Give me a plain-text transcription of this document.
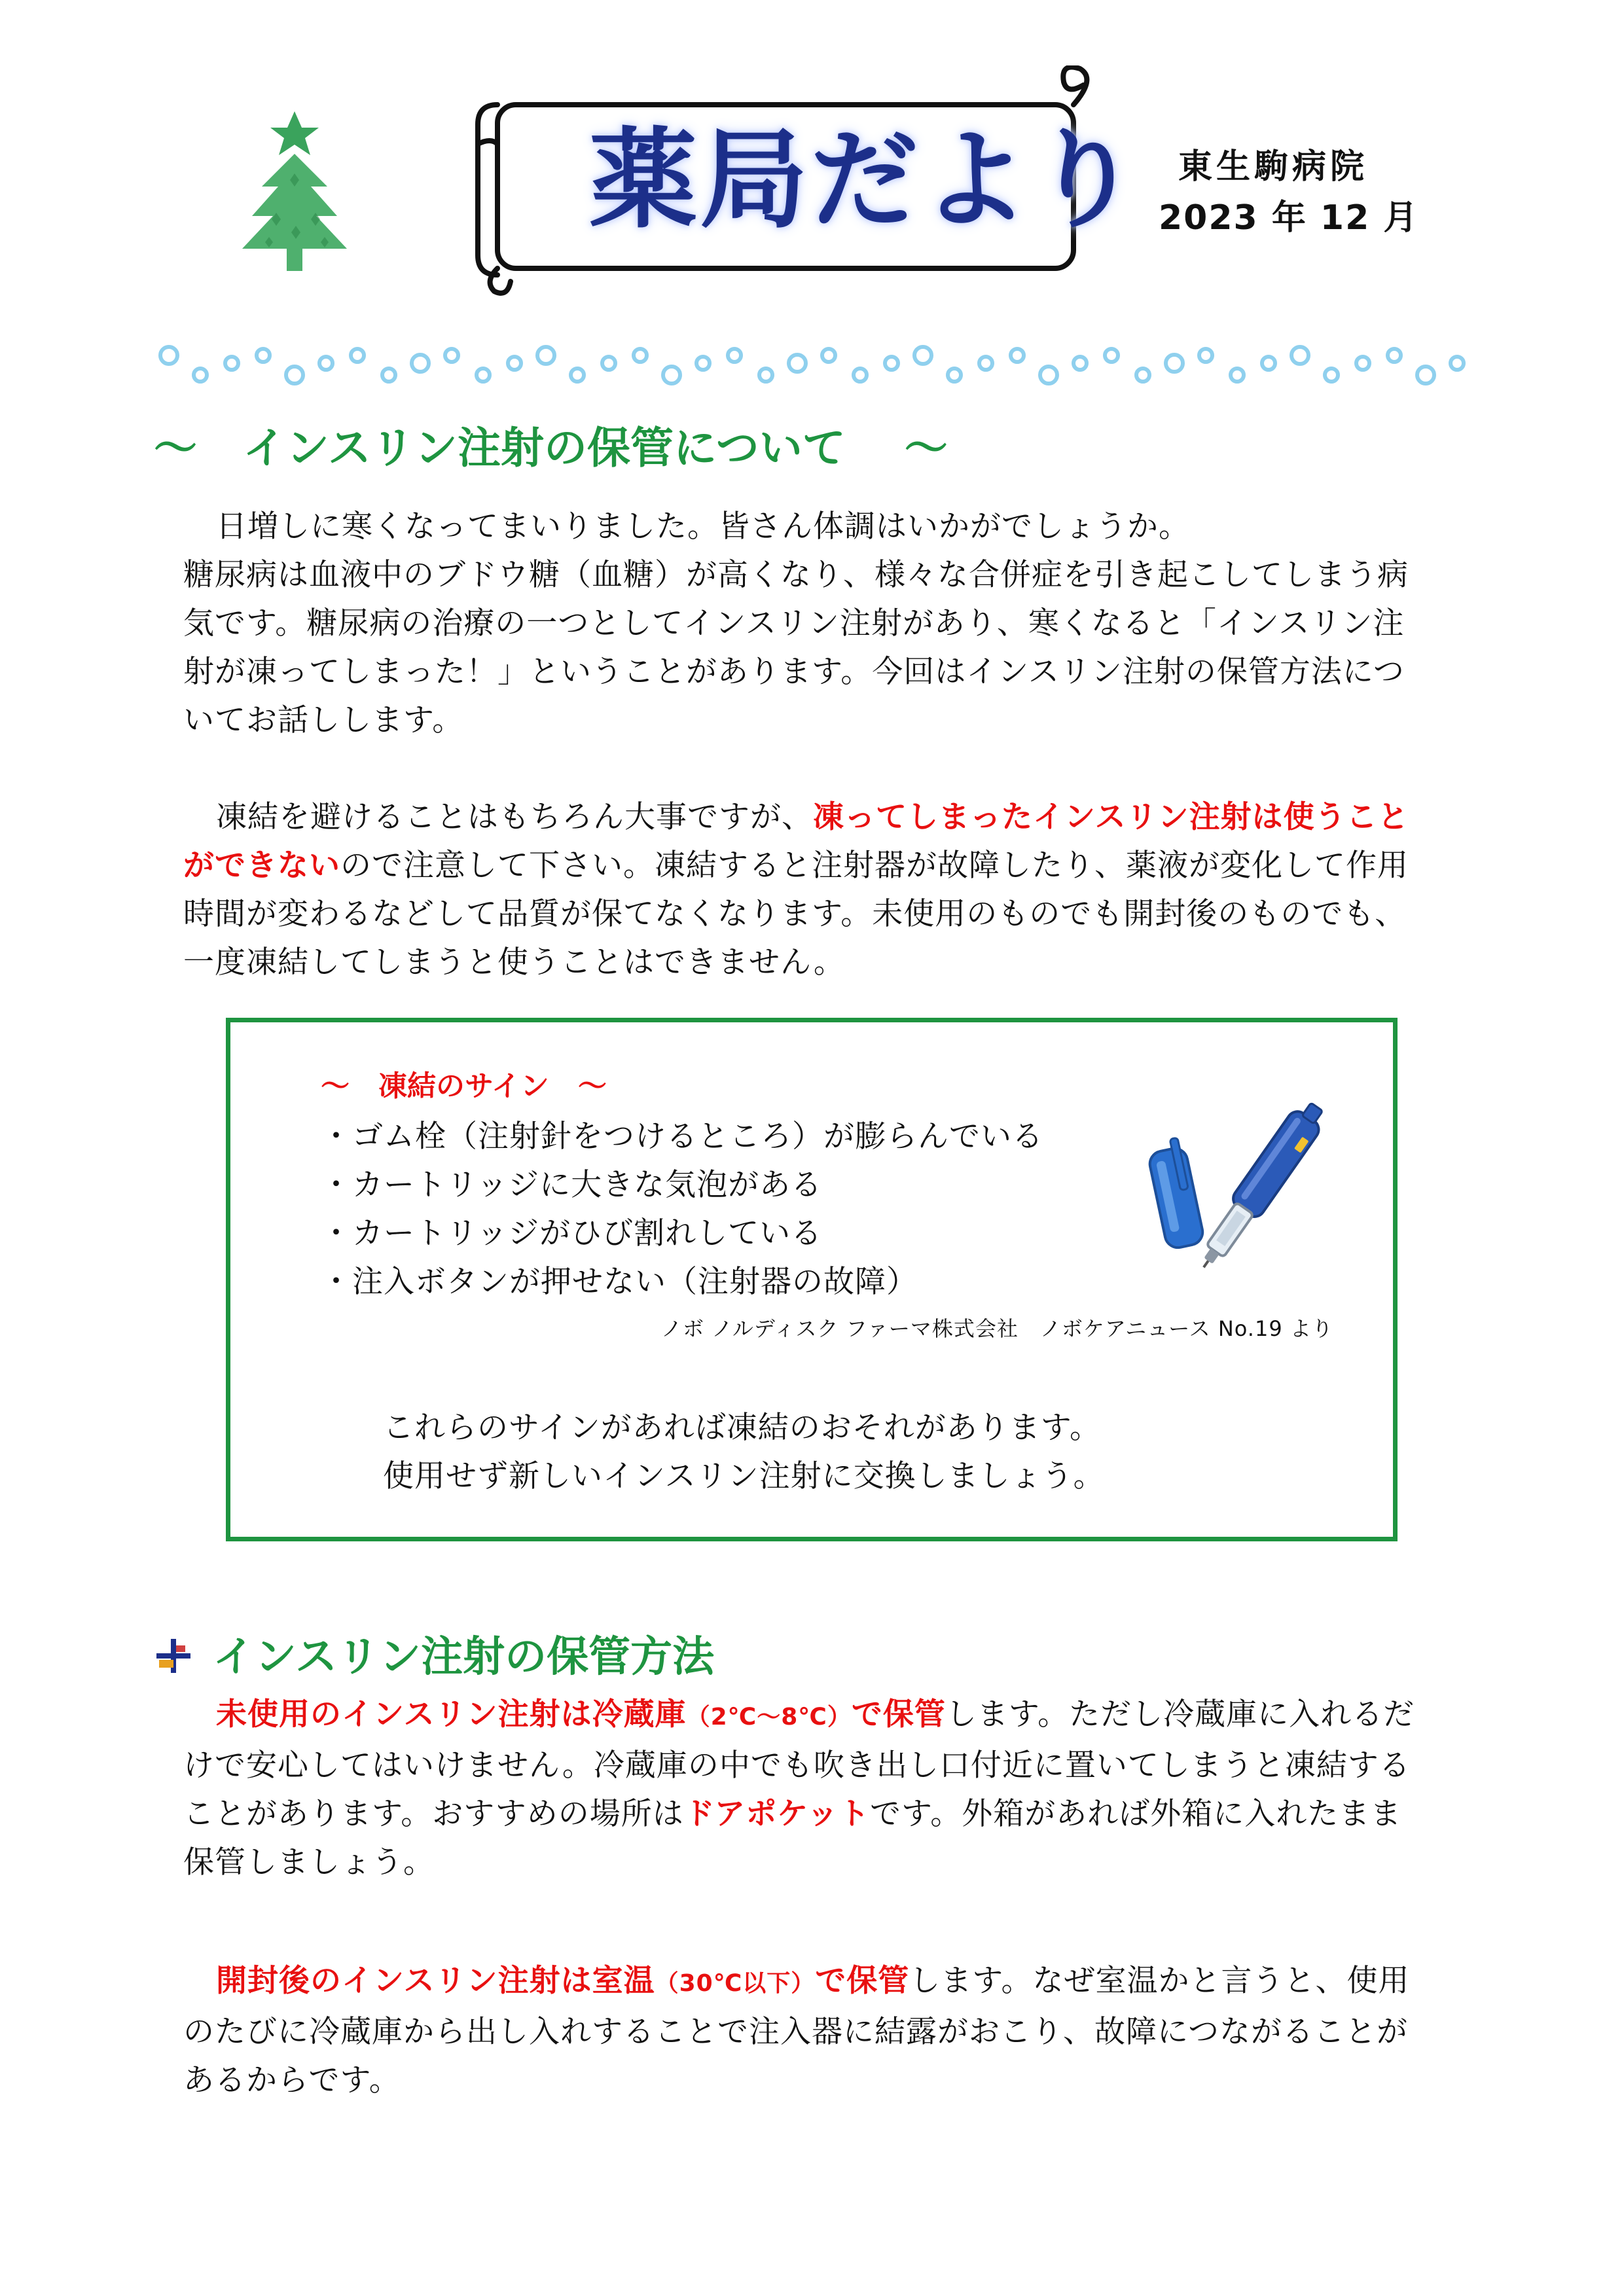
薬局だより 東生駒病院
2023 年 12 月
～ インスリン注射の保管について ～

日増しに寒くなってまいりました。皆さん体調はいかがでしょうか。

糖尿病は血液中のブドウ糖（血糖）が高くなり、様々な合併症を引き起こしてしまう病

気です。糖尿病の治療の一つとしてインスリン注射があり、寒くなると「インスリン注

射が凍ってしまった！」ということがあります。今回はインスリン注射の保管方法につ

いてお話しします。

凍結を避けることはもちろん大事ですが、凍ってしまったインスリン注射は使うこと

ができないので注意して下さい。凍結すると注射器が故障したり、薬液が変化して作用

時間が変わるなどして品質が保てなくなります。未使用のものでも開封後のものでも、

一度凍結してしまうと使うことはできません。

～　凍結のサイン　～
・ゴム栓（注射針をつけるところ）が膨らんでいる
・カートリッジに大きな気泡がある
・カートリッジがひび割れしている
・注入ボタンが押せない（注射器の故障）
ノボ ノルディスク ファーマ株式会社　ノボケアニュース No.19 より

これらのサインがあれば凍結のおそれがあります。

使用せず新しいインスリン注射に交換しましょう。

インスリン注射の保管方法

未使用のインスリン注射は冷蔵庫（2℃～8℃）で保管します。ただし冷蔵庫に入れるだ

けで安心してはいけません。冷蔵庫の中でも吹き出し口付近に置いてしまうと凍結する

ことがあります。おすすめの場所はドアポケットです。外箱があれば外箱に入れたまま

保管しましょう。

開封後のインスリン注射は室温（30℃以下）で保管します。なぜ室温かと言うと、使用

のたびに冷蔵庫から出し入れすることで注入器に結露がおこり、故障につながることが

あるからです。
